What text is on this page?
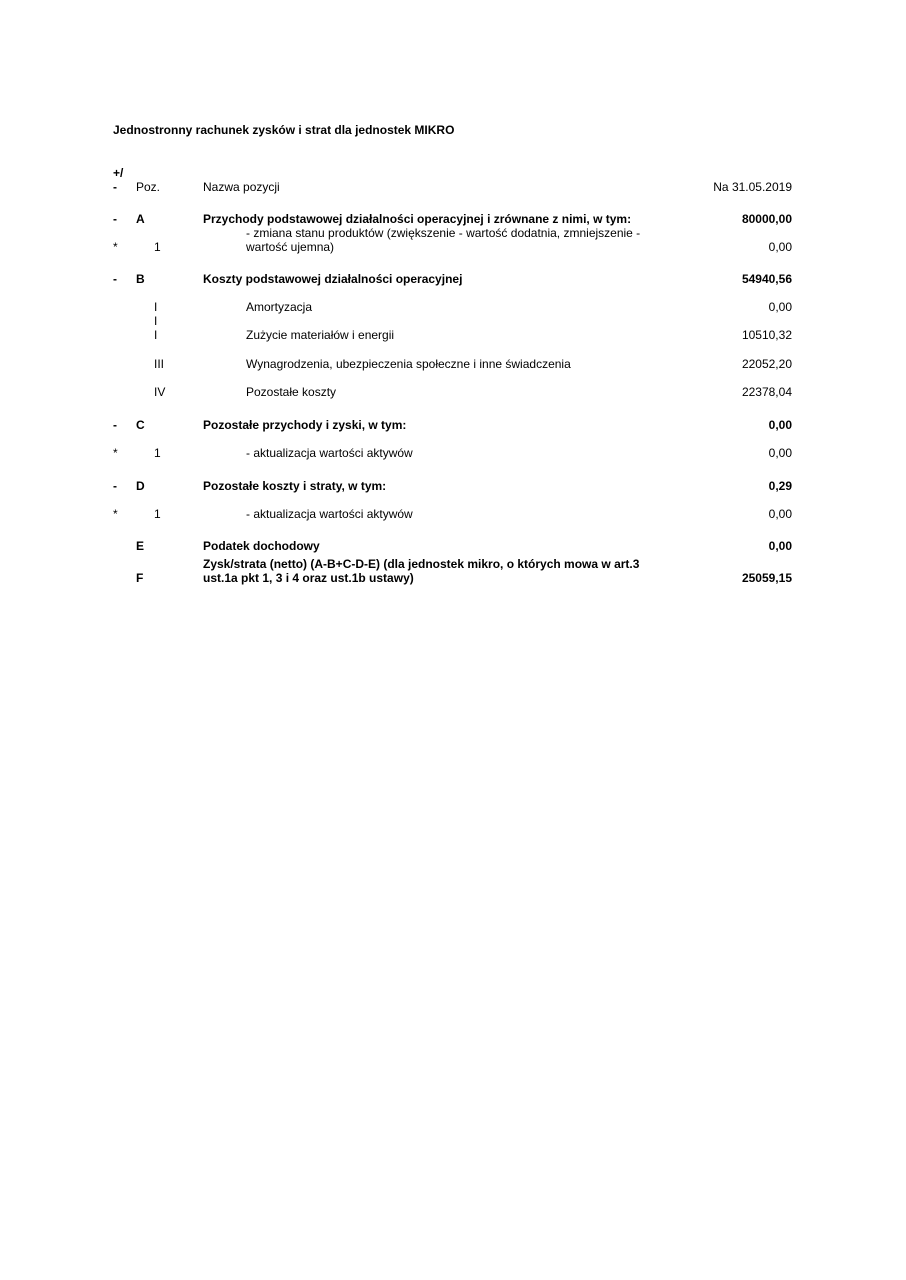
Jednostronny rachunek zysków i strat dla jednostek MIKRO
+/
- Poz.	Nazwa pozycji	Na 31.05.2019
- A	Przychody podstawowej działalności operacyjnej i zrównane z nimi, w tym:	80000,00
- zmiana stanu produktów (zwiększenie - wartość dodatnia, zmniejszenie -
*	1	wartość ujemna)	0,00
- B	Koszty podstawowej działalności operacyjnej	54940,56
I	Amortyzacja	0,00
I
I	Zużycie materiałów i energii	10510,32
III	Wynagrodzenia, ubezpieczenia społeczne i inne świadczenia	22052,20
IV	Pozostałe koszty	22378,04
- C	Pozostałe przychody i zyski, w tym:	0,00
*	1	- aktualizacja wartości aktywów	0,00
- D	Pozostałe koszty i straty, w tym:	0,29
*	1	- aktualizacja wartości aktywów	0,00
E	Podatek dochodowy	0,00
Zysk/strata (netto) (A-B+C-D-E) (dla jednostek mikro, o których mowa w art.3
F	ust.1a pkt 1, 3 i 4 oraz ust.1b ustawy)	25059,15
